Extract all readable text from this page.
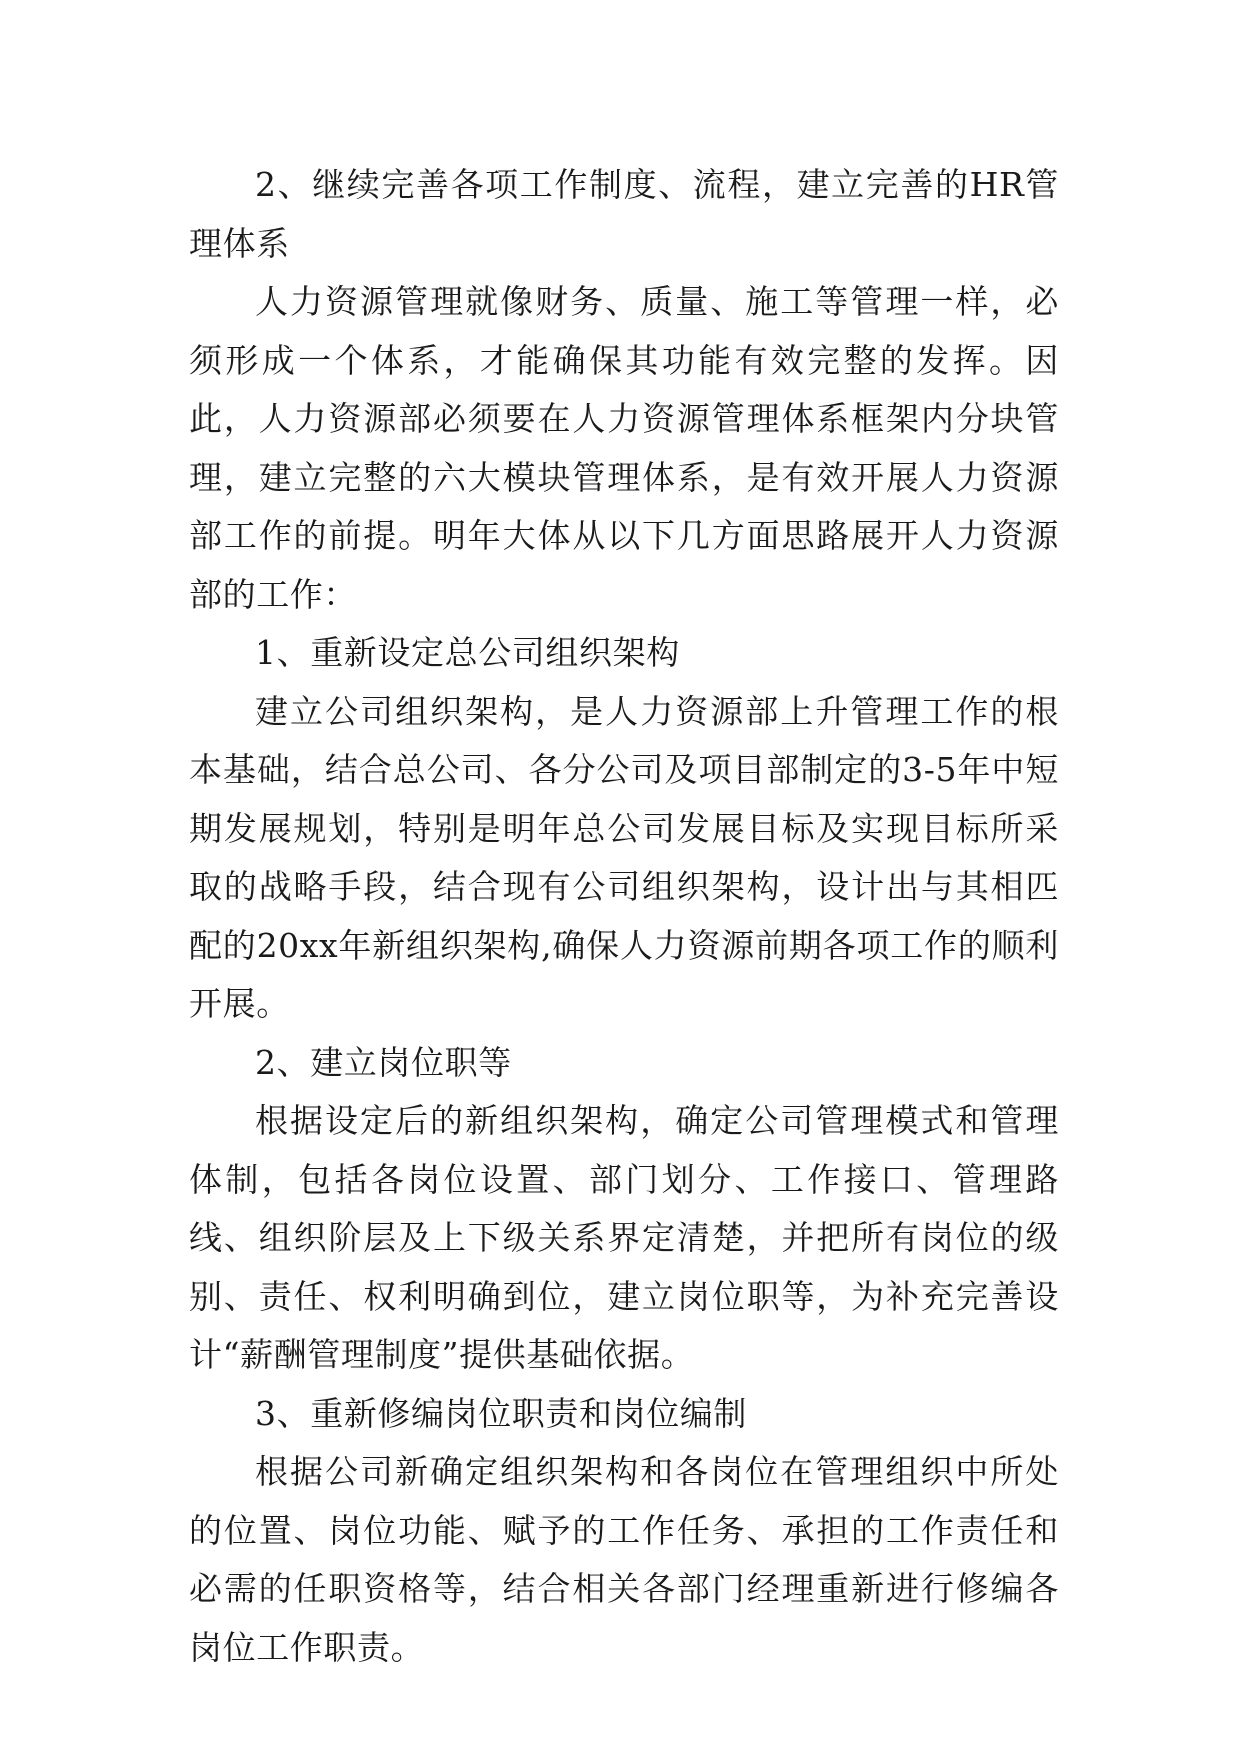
2、继续完善各项工作制度、流程，建立完善的HR管理体系

人力资源管理就像财务、质量、施工等管理一样，必须形成一个体系，才能确保其功能有效完整的发挥。因此，人力资源部必须要在人力资源管理体系框架内分块管理，建立完整的六大模块管理体系，是有效开展人力资源部工作的前提。明年大体从以下几方面思路展开人力资源部的工作：

1、重新设定总公司组织架构

建立公司组织架构，是人力资源部上升管理工作的根本基础，结合总公司、各分公司及项目部制定的3-5年中短期发展规划，特别是明年总公司发展目标及实现目标所采取的战略手段，结合现有公司组织架构，设计出与其相匹配的20xx年新组织架构,确保人力资源前期各项工作的顺利开展。

2、建立岗位职等

根据设定后的新组织架构，确定公司管理模式和管理体制，包括各岗位设置、部门划分、工作接口、管理路线、组织阶层及上下级关系界定清楚，并把所有岗位的级别、责任、权利明确到位，建立岗位职等，为补充完善设计“薪酬管理制度”提供基础依据。

3、重新修编岗位职责和岗位编制

根据公司新确定组织架构和各岗位在管理组织中所处的位置、岗位功能、赋予的工作任务、承担的工作责任和必需的任职资格等，结合相关各部门经理重新进行修编各岗位工作职责。
